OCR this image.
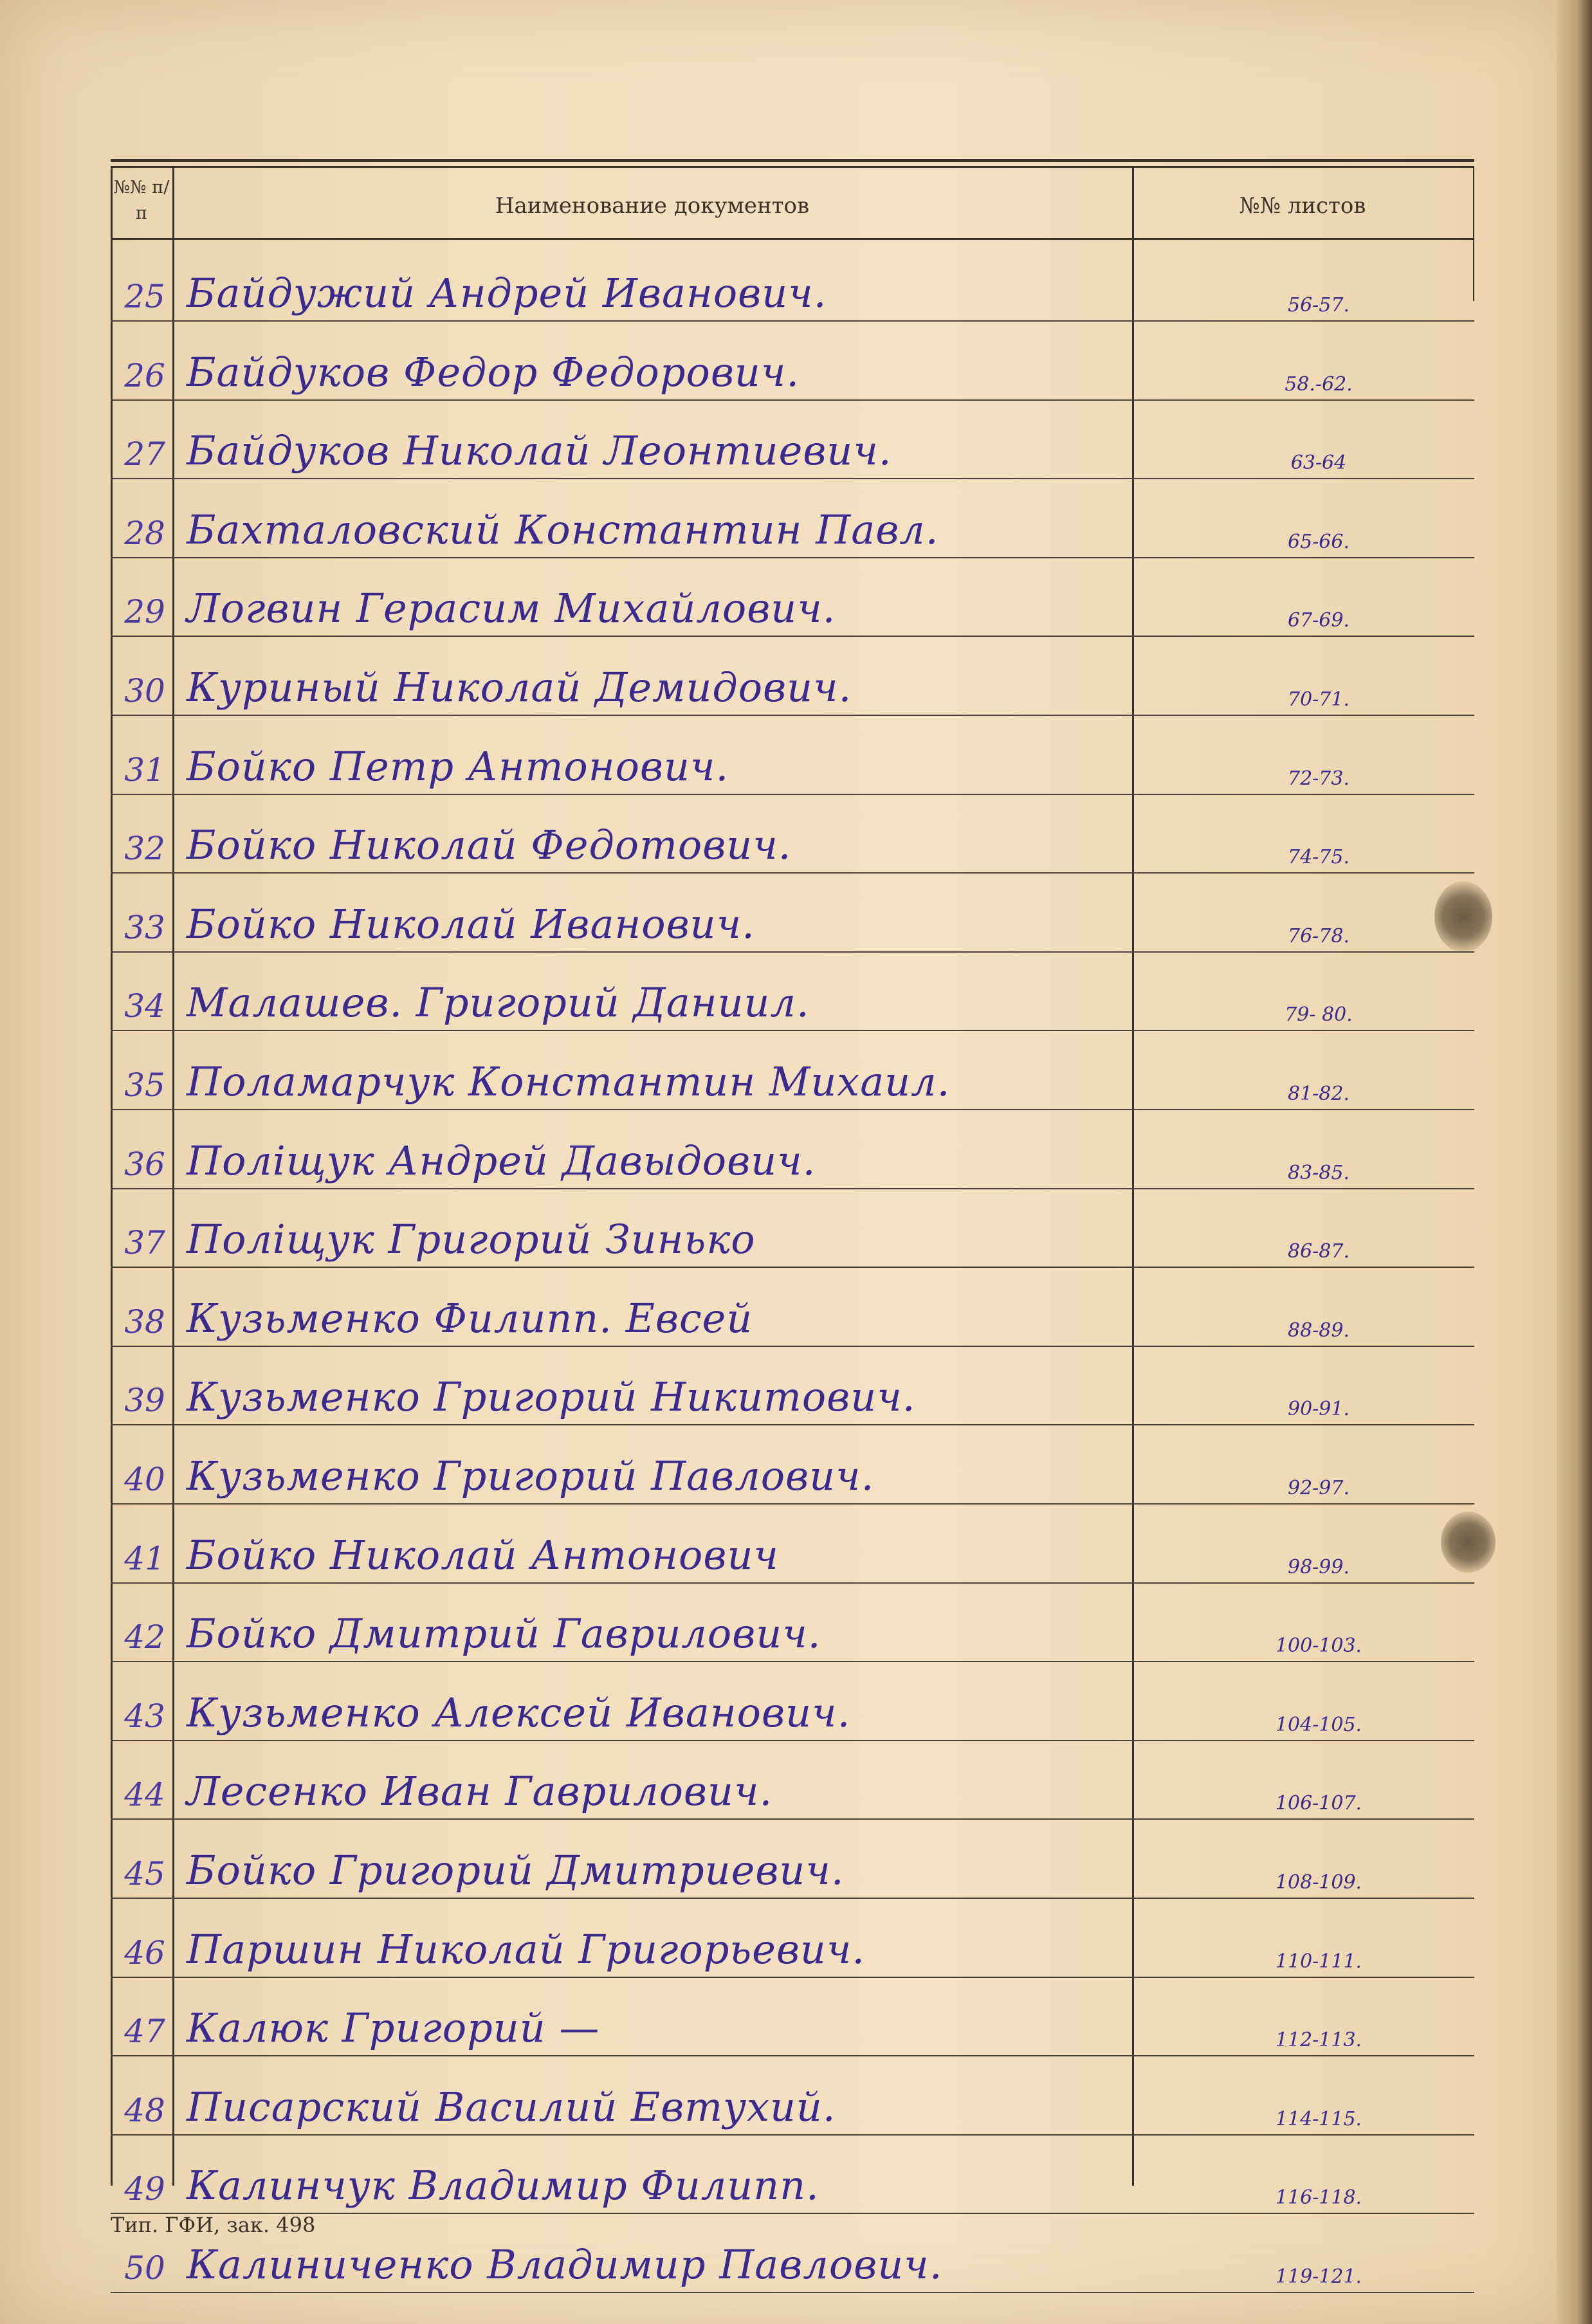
№№ п/п	Наименование документов	№№ листов
25 Байдужий Андрей Иванович.	56-57.
26 Байдуков Федор Федорович.	58.-62.
27 Байдуков Николай Леонтиевич.	63-64
28 Бахталовский Константин Павл.	65-66.
29 Логвин Герасим Михайлович.	67-69.
30 Куриный Николай Демидович.	70-71.
31 Бойко Петр Антонович.	72-73.
32 Бойко Николай Федотович.	74-75.
33 Бойко Николай Иванович.	76-78.
34 Малашев. Григорий Даниил.	79- 80.
35 Поламарчук Константин Михаил.	81-82.
36 Поліщук Андрей Давыдович.	83-85.
37 Поліщук Григорий Зинько	86-87.
38 Кузьменко Филипп. Евсей	88-89.
39 Кузьменко Григорий Никитович.	90-91.
40 Кузьменко Григорий Павлович.	92-97.
41 Бойко Николай Антонович	98-99.
42 Бойко Дмитрий Гаврилович.	100-103.
43 Кузьменко Алексей Иванович.	104-105.
44 Лесенко Иван Гаврилович.	106-107.
45 Бойко Григорий Дмитриевич.	108-109.
46 Паршин Николай Григорьевич.	110-111.
47 Калюк Григорий —	112-113.
48 Писарский Василий Евтухий.	114-115.
49 Калинчук Владимир Филипп.	116-118.
50 Калиниченко Владимир Павлович.	119-121.
Тип. ГФИ, зак. 498
